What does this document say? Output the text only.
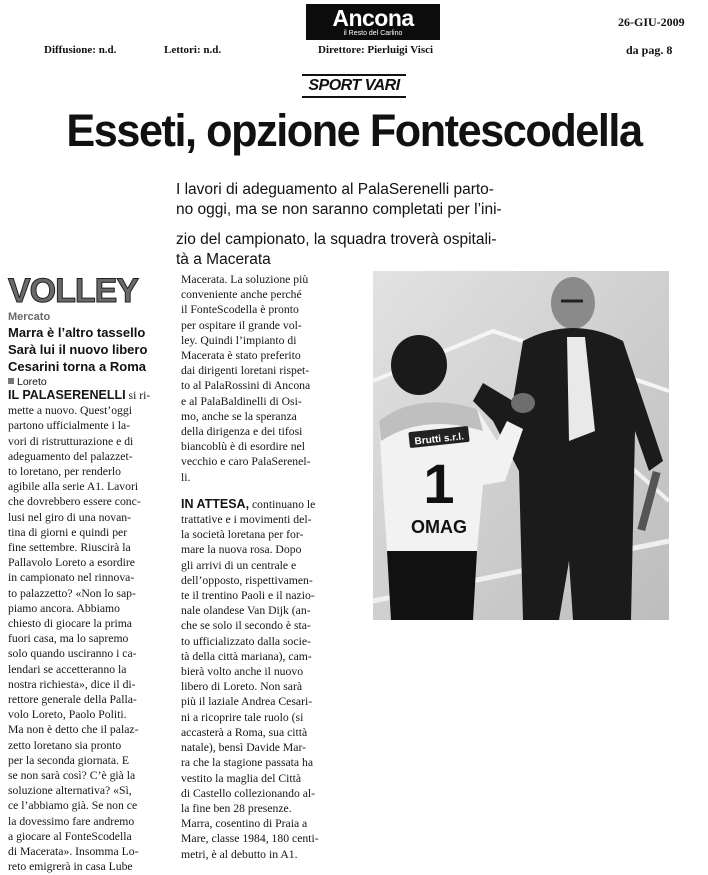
Ancona
il Resto del Carlino
26-GIU-2009
Diffusione: n.d.	Lettori: n.d.	Direttore: Pierluigi Visci	da pag. 8
SPORT VARI
Esseti, opzione Fontescodella

I lavori di adeguamento al PalaSerenelli parto-

no oggi, ma se non saranno completati per l’ini-

zio del campionato, la squadra troverà ospitali-

tà a Macerata

VOLLEY
Mercato

Marra è l’altro tassello

Sarà lui il nuovo libero

Cesarini torna a Roma

Loreto

IL PALASERENELLI si ri-

mette a nuovo. Quest’oggi

partono ufficialmente i la-

vori di ristrutturazione e di

adeguamento del palazzet-

to loretano, per renderlo

agibile alla serie A1. Lavori

che dovrebbero essere conc-

lusi nel giro di una novan-

tina di giorni e quindi per

fine settembre. Riuscirà la

Pallavolo Loreto a esordire

in campionato nel rinnova-

to palazzetto? «Non lo sap-

piamo ancora. Abbiamo

chiesto di giocare la prima

fuori casa, ma lo sapremo

solo quando usciranno i ca-

lendari se accetteranno la

nostra richiesta», dice il di-

rettore generale della Palla-

volo Loreto, Paolo Politi.

Ma non è detto che il palaz-

zetto loretano sia pronto

per la seconda giornata. E

se non sarà così? C’è già la

soluzione alternativa? «Sì,

ce l’abbiamo già. Se non ce

la dovessimo fare andremo

a giocare al FonteScodella

di Macerata». Insomma Lo-

reto emigrerà in casa Lube

Macerata. La soluzione più

conveniente anche perché

il FonteScodella è pronto

per ospitare il grande vol-

ley. Quindi l’impianto di

Macerata è stato preferito

dai dirigenti loretani rispet-

to al PalaRossini di Ancona

e al PalaBaldinelli di Osi-

mo, anche se la speranza

della dirigenza e dei tifosi

biancoblù è di esordire nel

vecchio e caro PalaSerenel-

li.

IN ATTESA, continuano le

trattative e i movimenti del-

la società loretana per for-

mare la nuova rosa. Dopo

gli arrivi di un centrale e

dell’opposto, rispettivamen-

te il trentino Paoli e il nazio-

nale olandese Van Dijk (an-

che se solo il secondo è sta-

to ufficializzato dalla socie-

tà della città mariana), cam-

bierà volto anche il nuovo

libero di Loreto. Non sarà

più il laziale Andrea Cesari-

ni a ricoprire tale ruolo (si

accasterà a Roma, sua città

natale), bensì Davide Mar-

ra che la stagione passata ha

vestito la maglia del Città

di Castello collezionando al-

la fine ben 28 presenze.

Marra, cosentino di Praia a

Mare, classe 1984, 180 centi-

metri, è al debutto in A1.

Brutti s.r.l.
1
OMAG
